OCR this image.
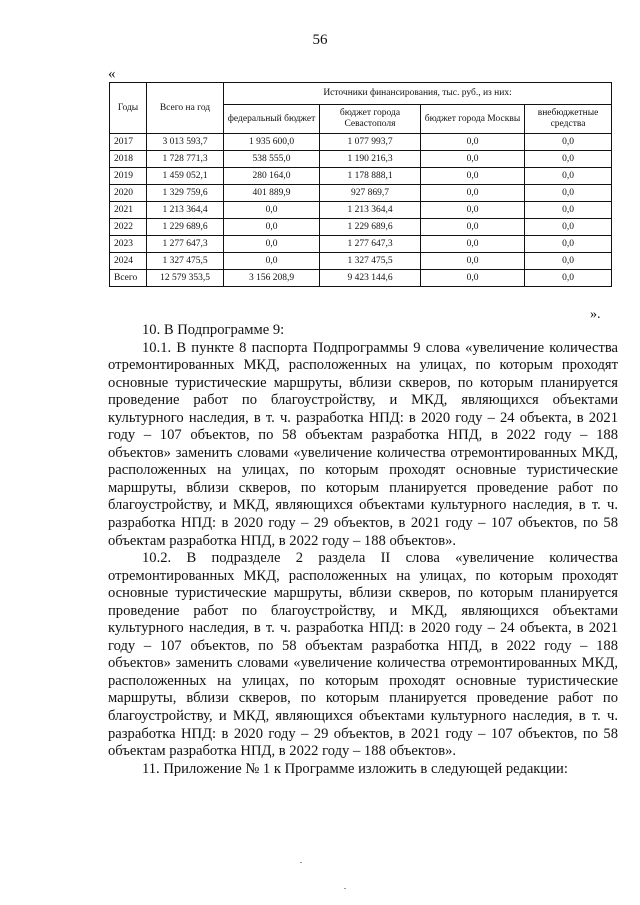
56
«
Годы	Всего на год	Источники финансирования, тыс. руб., из них:			
		федеральный бюджет	бюджет города Севастополя	бюджет города Москвы	внебюджетные средства
2017	3 013 593,7	1 935 600,0	1 077 993,7	0,0	0,0
2018	1 728 771,3	538 555,0	1 190 216,3	0,0	0,0
2019	1 459 052,1	280 164,0	1 178 888,1	0,0	0,0
2020	1 329 759,6	401 889,9	927 869,7	0,0	0,0
2021	1 213 364,4	0,0	1 213 364,4	0,0	0,0
2022	1 229 689,6	0,0	1 229 689,6	0,0	0,0
2023	1 277 647,3	0,0	1 277 647,3	0,0	0,0
2024	1 327 475,5	0,0	1 327 475,5	0,0	0,0
Всего	12 579 353,5	3 156 208,9	9 423 144,6	0,0	0,0
».

10. В Подпрограмме 9:

10.1. В пункте 8 паспорта Подпрограммы 9 слова «увеличение количества отремонтированных МКД, расположенных на улицах, по которым проходят основные туристические маршруты, вблизи скверов, по которым планируется проведение работ по благоустройству, и МКД, являющихся объектами культурного наследия, в т. ч. разработка НПД: в 2020 году – 24 объекта, в 2021 году – 107 объектов, по 58 объектам разработка НПД, в 2022 году – 188 объектов» заменить словами «увеличение количества отремонтированных МКД, расположенных на улицах, по которым проходят основные туристические маршруты, вблизи скверов, по которым планируется проведение работ по благоустройству, и МКД, являющихся объектами культурного наследия, в т. ч. разработка НПД: в 2020 году – 29 объектов, в 2021 году – 107 объектов, по 58 объектам разработка НПД, в 2022 году – 188 объектов».

10.2. В подразделе 2 раздела II слова «увеличение количества отремонтированных МКД, расположенных на улицах, по которым проходят основные туристические маршруты, вблизи скверов, по которым планируется проведение работ по благоустройству, и МКД, являющихся объектами культурного наследия, в т. ч. разработка НПД: в 2020 году – 24 объекта, в 2021 году – 107 объектов, по 58 объектам разработка НПД, в 2022 году – 188 объектов» заменить словами «увеличение количества отремонтированных МКД, расположенных на улицах, по которым проходят основные туристические маршруты, вблизи скверов, по которым планируется проведение работ по благоустройству, и МКД, являющихся объектами культурного наследия, в т. ч. разработка НПД: в 2020 году – 29 объектов, в 2021 году – 107 объектов, по 58 объектам разработка НПД, в 2022 году – 188 объектов».

11. Приложение № 1 к Программе изложить в следующей редакции:
